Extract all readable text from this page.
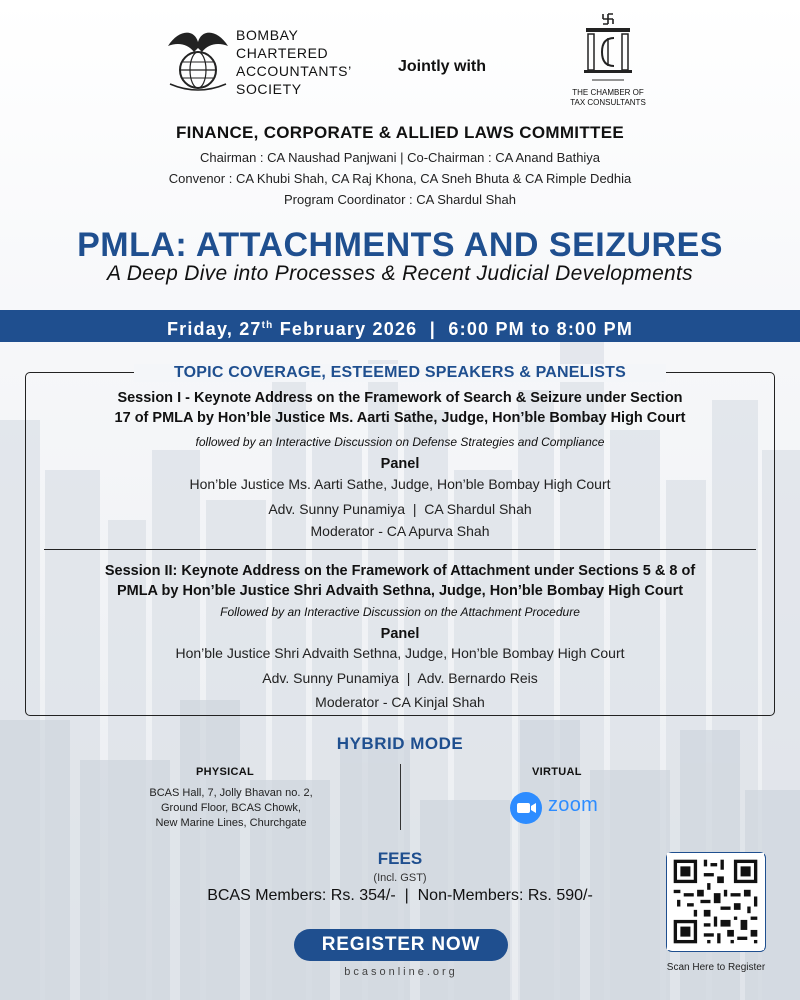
BOMBAY
CHARTERED
ACCOUNTANTS’
SOCIETY
Jointly with
THE CHAMBER OF
TAX CONSULTANTS
FINANCE, CORPORATE & ALLIED LAWS COMMITTEE
Chairman : CA Naushad Panjwani | Co-Chairman : CA Anand Bathiya
Convenor : CA Khubi Shah, CA Raj Khona, CA Sneh Bhuta & CA Rimple Dedhia
Program Coordinator : CA Shardul Shah
PMLA: ATTACHMENTS AND SEIZURES
A Deep Dive into Processes & Recent Judicial Developments
Friday, 27th February 2026  |  6:00 PM to 8:00 PM
TOPIC COVERAGE, ESTEEMED SPEAKERS & PANELISTS
Session I - Keynote Address on the Framework of Search & Seizure under Section
17 of PMLA by Hon’ble Justice Ms. Aarti Sathe, Judge, Hon’ble Bombay High Court
followed by an Interactive Discussion on Defense Strategies and Compliance
Panel
Hon’ble Justice Ms. Aarti Sathe, Judge, Hon’ble Bombay High Court
Adv. Sunny Punamiya  |  CA Shardul Shah
Moderator - CA Apurva Shah
Session II: Keynote Address on the Framework of Attachment under Sections 5 & 8 of
PMLA by Hon’ble Justice Shri Advaith Sethna, Judge, Hon’ble Bombay High Court
Followed by an Interactive Discussion on the Attachment Procedure
Panel
Hon’ble Justice Shri Advaith Sethna, Judge, Hon’ble Bombay High Court
Adv. Sunny Punamiya  |  Adv. Bernardo Reis
Moderator - CA Kinjal Shah
HYBRID MODE
PHYSICAL
BCAS Hall, 7, Jolly Bhavan no. 2,
Ground Floor, BCAS Chowk,
New Marine Lines, Churchgate
VIRTUAL
zoom
FEES
(Incl. GST)
BCAS Members: Rs. 354/-  |  Non-Members: Rs. 590/-
REGISTER NOW
bcasonline.org	Scan Here to Register
